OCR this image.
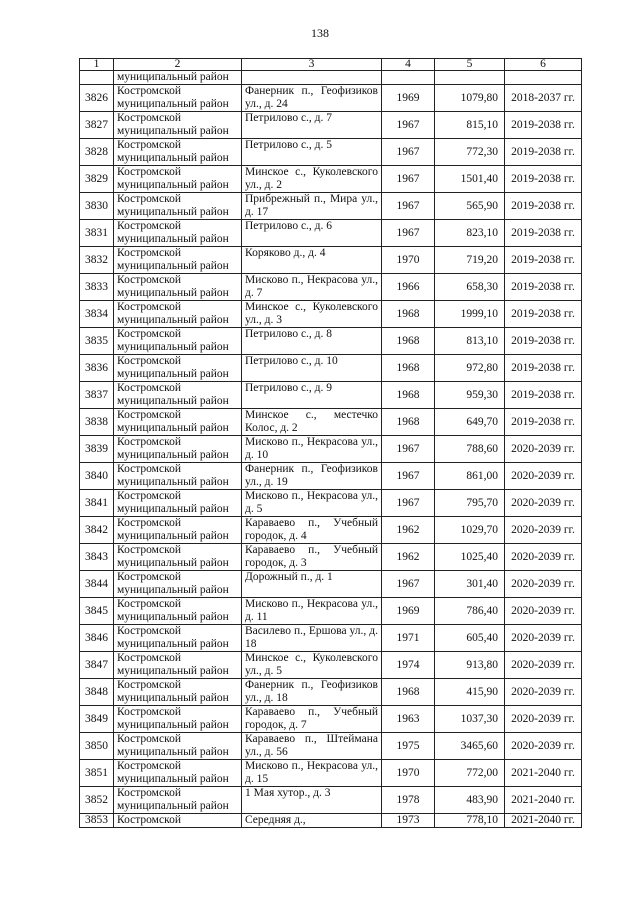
138
1	2	3	4	5	6
	муниципальный район				
3826	Костромской муниципальный район	Фанерник п., Геофизиков ул., д. 24	1969	1079,80	2018-2037 гг.
3827	Костромской муниципальный район	Петрилово с., д. 7	1967	815,10	2019-2038 гг.
3828	Костромской муниципальный район	Петрилово с., д. 5	1967	772,30	2019-2038 гг.
3829	Костромской муниципальный район	Минское с., Куколевского ул., д. 2	1967	1501,40	2019-2038 гг.
3830	Костромской муниципальный район	Прибрежный п., Мира ул., д. 17	1967	565,90	2019-2038 гг.
3831	Костромской муниципальный район	Петрилово с., д. 6	1967	823,10	2019-2038 гг.
3832	Костромской муниципальный район	Коряково д., д. 4	1970	719,20	2019-2038 гг.
3833	Костромской муниципальный район	Мисково п., Некрасова ул., д. 7	1966	658,30	2019-2038 гг.
3834	Костромской муниципальный район	Минское с., Куколевского ул., д. 3	1968	1999,10	2019-2038 гг.
3835	Костромской муниципальный район	Петрилово с., д. 8	1968	813,10	2019-2038 гг.
3836	Костромской муниципальный район	Петрилово с., д. 10	1968	972,80	2019-2038 гг.
3837	Костромской муниципальный район	Петрилово с., д. 9	1968	959,30	2019-2038 гг.
3838	Костромской муниципальный район	Минское с., местечко Колос, д. 2	1968	649,70	2019-2038 гг.
3839	Костромской муниципальный район	Мисково п., Некрасова ул., д. 10	1967	788,60	2020-2039 гг.
3840	Костромской муниципальный район	Фанерник п., Геофизиков ул., д. 19	1967	861,00	2020-2039 гг.
3841	Костромской муниципальный район	Мисково п., Некрасова ул., д. 5	1967	795,70	2020-2039 гг.
3842	Костромской муниципальный район	Караваево п., Учебный городок, д. 4	1962	1029,70	2020-2039 гг.
3843	Костромской муниципальный район	Караваево п., Учебный городок, д. 3	1962	1025,40	2020-2039 гг.
3844	Костромской муниципальный район	Дорожный п., д. 1	1967	301,40	2020-2039 гг.
3845	Костромской муниципальный район	Мисково п., Некрасова ул., д. 11	1969	786,40	2020-2039 гг.
3846	Костромской муниципальный район	Василево п., Ершова ул., д. 18	1971	605,40	2020-2039 гг.
3847	Костромской муниципальный район	Минское с., Куколевского ул., д. 5	1974	913,80	2020-2039 гг.
3848	Костромской муниципальный район	Фанерник п., Геофизиков ул., д. 18	1968	415,90	2020-2039 гг.
3849	Костромской муниципальный район	Караваево п., Учебный городок, д. 7	1963	1037,30	2020-2039 гг.
3850	Костромской муниципальный район	Караваево п., Штеймана ул., д. 56	1975	3465,60	2020-2039 гг.
3851	Костромской муниципальный район	Мисково п., Некрасова ул., д. 15	1970	772,00	2021-2040 гг.
3852	Костромской муниципальный район	1 Мая хутор., д. 3	1978	483,90	2021-2040 гг.
3853	Костромской	Середняя д.,	1973	778,10	2021-2040 гг.
